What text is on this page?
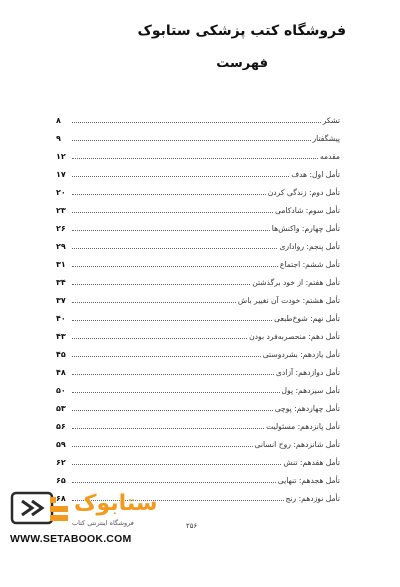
فروشگاه کتب پزشکی ستابوک
فهرست
تشکر
۸
پیشگفتار
۹
مقدمه
۱۲
تأمل اول: هدف
۱۷
تأمل دوم: زندگی کردن
۲۰
تأمل سوم: شادکامی
۲۳
تأمل چهارم: واکنش‌ها
۲۶
تأمل پنجم: روادارى
۲۹
تأمل ششم: اجتماع
۳۱
تأمل هفتم: از خود برگذشتن
۳۴
تأمل هشتم: خودت آن تغییر باش
۳۷
تأمل نهم: شوخ‌طبعی
۴۰
تأمل دهم: منحصربه‌فرد بودن
۴۳
تأمل یازدهم: بشردوستی
۴۵
تأمل دوازدهم: آزادی
۴۸
تأمل سیزدهم: پول
۵۰
تأمل چهاردهم: پوچی
۵۳
تأمل پانزدهم: مسئولیت
۵۶
تأمل شانزدهم: روح انسانی
۵۹
تأمل هفدهم: تنش
۶۲
تأمل هجدهم: تنهایی
۶۵
تأمل نوزدهم: رنج
۶۸
۲۵۶
ستابوک
فروشگاه اینترنتی کتاب
WWW.SETABOOK.COM
